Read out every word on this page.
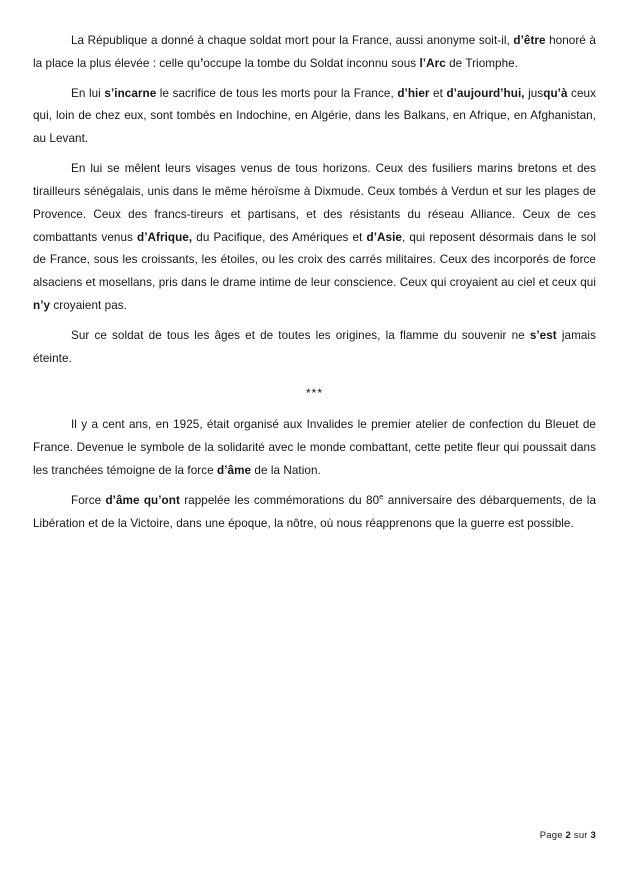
La République a donné à chaque soldat mort pour la France, aussi anonyme soit-il, d’être honoré à la place la plus élevée : celle qu’occupe la tombe du Soldat inconnu sous l’Arc de Triomphe.

En lui s’incarne le sacrifice de tous les morts pour la France, d’hier et d’aujourd’hui, jusqu’à ceux qui, loin de chez eux, sont tombés en Indochine, en Algérie, dans les Balkans, en Afrique, en Afghanistan, au Levant.

En lui se mêlent leurs visages venus de tous horizons. Ceux des fusiliers marins bretons et des tirailleurs sénégalais, unis dans le même héroïsme à Dixmude. Ceux tombés à Verdun et sur les plages de Provence. Ceux des francs-tireurs et partisans, et des résistants du réseau Alliance. Ceux de ces combattants venus d’Afrique, du Pacifique, des Amériques et d’Asie, qui reposent désormais dans le sol de France, sous les croissants, les étoiles, ou les croix des carrés militaires. Ceux des incorporés de force alsaciens et mosellans, pris dans le drame intime de leur conscience. Ceux qui croyaient au ciel et ceux qui n’y croyaient pas.

Sur ce soldat de tous les âges et de toutes les origines, la flamme du souvenir ne s’est jamais éteinte.

***

Il y a cent ans, en 1925, était organisé aux Invalides le premier atelier de confection du Bleuet de France. Devenue le symbole de la solidarité avec le monde combattant, cette petite fleur qui poussait dans les tranchées témoigne de la force d’âme de la Nation.

Force d’âme qu’ont rappelée les commémorations du 80e anniversaire des débarquements, de la Libération et de la Victoire, dans une époque, la nôtre, où nous réapprenons que la guerre est possible.

Page 2 sur 3
